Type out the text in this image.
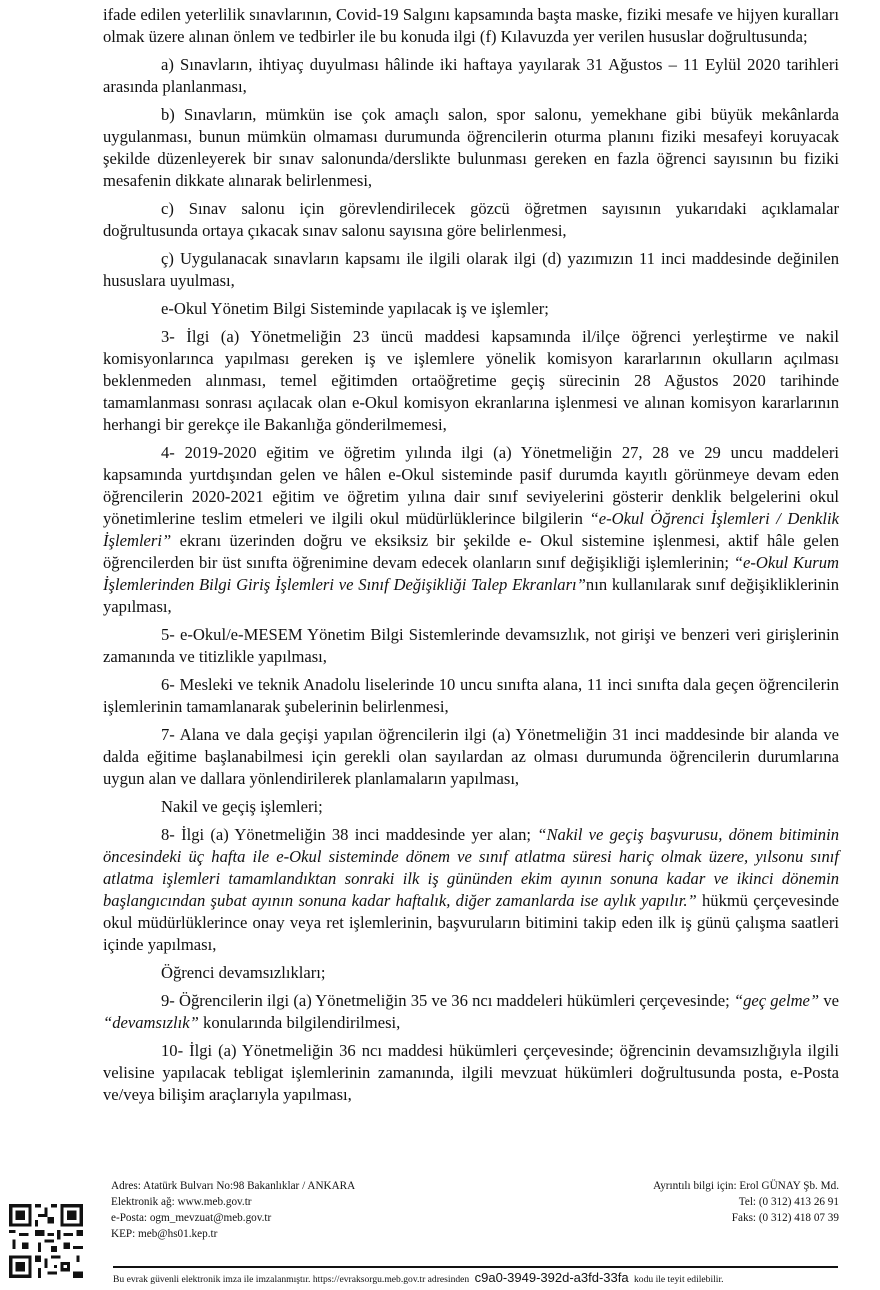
ifade edilen yeterlilik sınavlarının, Covid-19 Salgını kapsamında başta maske, fiziki mesafe ve hijyen kuralları olmak üzere alınan önlem ve tedbirler ile bu konuda ilgi (f) Kılavuzda yer verilen hususlar doğrultusunda;

a) Sınavların, ihtiyaç duyulması hâlinde iki haftaya yayılarak 31 Ağustos – 11 Eylül 2020 tarihleri arasında planlanması,

b) Sınavların, mümkün ise çok amaçlı salon, spor salonu, yemekhane gibi büyük mekânlarda uygulanması, bunun mümkün olmaması durumunda öğrencilerin oturma planını fiziki mesafeyi koruyacak şekilde düzenleyerek bir sınav salonunda/derslikte bulunması gereken en fazla öğrenci sayısının bu fiziki mesafenin dikkate alınarak belirlenmesi,

c) Sınav salonu için görevlendirilecek gözcü öğretmen sayısının yukarıdaki açıklamalar doğrultusunda ortaya çıkacak sınav salonu sayısına göre belirlenmesi,

ç) Uygulanacak sınavların kapsamı ile ilgili olarak ilgi (d) yazımızın 11 inci maddesinde değinilen hususlara uyulması,

e-Okul Yönetim Bilgi Sisteminde yapılacak iş ve işlemler;

3- İlgi (a) Yönetmeliğin 23 üncü maddesi kapsamında il/ilçe öğrenci yerleştirme ve nakil komisyonlarınca yapılması gereken iş ve işlemlere yönelik komisyon kararlarının okulların açılması beklenmeden alınması, temel eğitimden ortaöğretime geçiş sürecinin 28 Ağustos 2020 tarihinde tamamlanması sonrası açılacak olan e-Okul komisyon ekranlarına işlenmesi ve alınan komisyon kararlarının herhangi bir gerekçe ile Bakanlığa gönderilmemesi,

4- 2019-2020 eğitim ve öğretim yılında ilgi (a) Yönetmeliğin 27, 28 ve 29 uncu maddeleri kapsamında yurtdışından gelen ve hâlen e-Okul sisteminde pasif durumda kayıtlı görünmeye devam eden öğrencilerin 2020-2021 eğitim ve öğretim yılına dair sınıf seviyelerini gösterir denklik belgelerini okul yönetimlerine teslim etmeleri ve ilgili okul müdürlüklerince bilgilerin “e-Okul Öğrenci İşlemleri / Denklik İşlemleri” ekranı üzerinden doğru ve eksiksiz bir şekilde e- Okul sistemine işlenmesi, aktif hâle gelen öğrencilerden bir üst sınıfta öğrenimine devam edecek olanların sınıf değişikliği işlemlerinin; “e-Okul Kurum İşlemlerinden Bilgi Giriş İşlemleri ve Sınıf Değişikliği Talep Ekranları”nın kullanılarak sınıf değişikliklerinin yapılması,

5- e-Okul/e-MESEM Yönetim Bilgi Sistemlerinde devamsızlık, not girişi ve benzeri veri girişlerinin zamanında ve titizlikle yapılması,

6- Mesleki ve teknik Anadolu liselerinde 10 uncu sınıfta alana, 11 inci sınıfta dala geçen öğrencilerin işlemlerinin tamamlanarak şubelerinin belirlenmesi,

7- Alana ve dala geçişi yapılan öğrencilerin ilgi (a) Yönetmeliğin 31 inci maddesinde bir alanda ve dalda eğitime başlanabilmesi için gerekli olan sayılardan az olması durumunda öğrencilerin durumlarına uygun alan ve dallara yönlendirilerek planlamaların yapılması,

Nakil ve geçiş işlemleri;

8- İlgi (a) Yönetmeliğin 38 inci maddesinde yer alan; “Nakil ve geçiş başvurusu, dönem bitiminin öncesindeki üç hafta ile e-Okul sisteminde dönem ve sınıf atlatma süresi hariç olmak üzere, yılsonu sınıf atlatma işlemleri tamamlandıktan sonraki ilk iş gününden ekim ayının sonuna kadar ve ikinci dönemin başlangıcından şubat ayının sonuna kadar haftalık, diğer zamanlarda ise aylık yapılır.” hükmü çerçevesinde okul müdürlüklerince onay veya ret işlemlerinin, başvuruların bitimini takip eden ilk iş günü çalışma saatleri içinde yapılması,

Öğrenci devamsızlıkları;

9- Öğrencilerin ilgi (a) Yönetmeliğin 35 ve 36 ncı maddeleri hükümleri çerçevesinde; “geç gelme” ve “devamsızlık” konularında bilgilendirilmesi,

10- İlgi (a) Yönetmeliğin 36 ncı maddesi hükümleri çerçevesinde; öğrencinin devamsızlığıyla ilgili velisine yapılacak tebligat işlemlerinin zamanında, ilgili mevzuat hükümleri doğrultusunda posta, e-Posta ve/veya bilişim araçlarıyla yapılması,

Adres: Atatürk Bulvarı No:98 Bakanlıklar / ANKARA
Elektronik ağ: www.meb.gov.tr
e-Posta: ogm_mevzuat@meb.gov.tr
KEP: meb@hs01.kep.tr
Ayrıntılı bilgi için: Erol GÜNAY Şb. Md.
Tel: (0 312) 413 26 91
Faks: (0 312) 418 07 39
Bu evrak güvenli elektronik imza ile imzalanmıştır. https://evraksorgu.meb.gov.tr adresinden c9a0-3949-392d-a3fd-33fa kodu ile teyit edilebilir.
